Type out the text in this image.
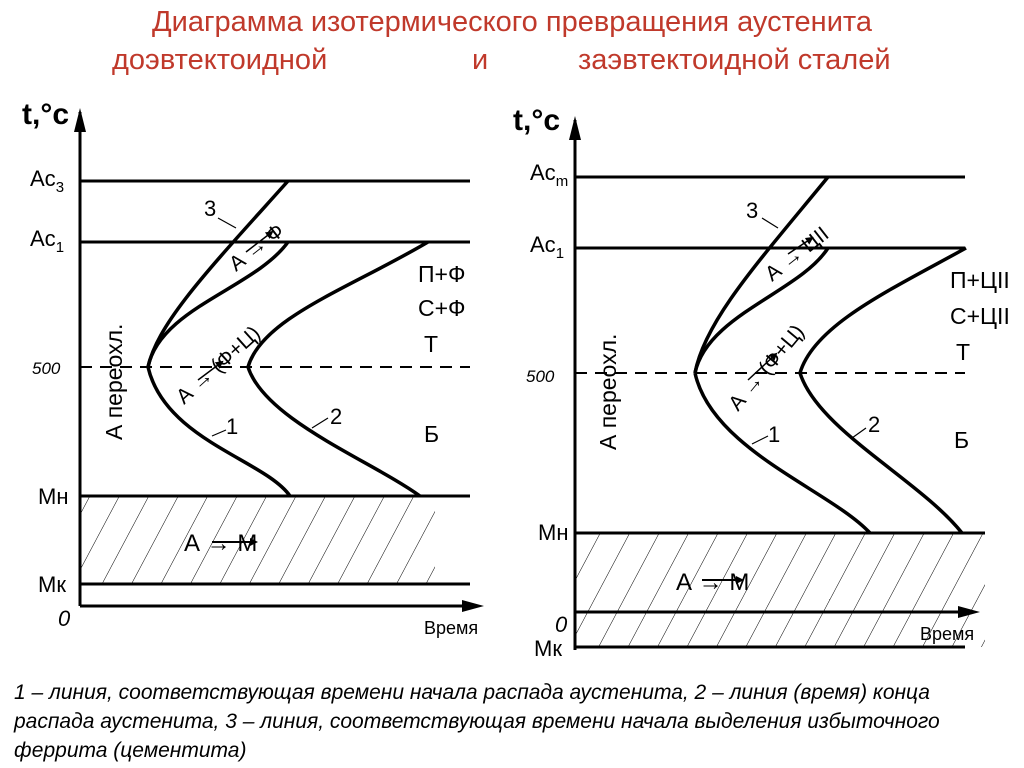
Диаграмма изотермического превращения аустенита
доэвтектоидной	и	заэвтектоидной сталей
t,°c
Время
0
$Ac_3$
$Ac_1$
500
Мн
Мк
3
1	2
А переохл.
А → Ф
А → (Ф+Ц)
П+Ф
С+Ф
Т
Б
А → М
t,°c
Время
0
$Ac_m$
$Ac_1$
500
Мн
Мк
3
1	2
А переохл.
А → ЦII
А → (Ф+Ц)
П+ЦII
С+ЦII
Т
Б
А → М
1 – линия, соответствующая времени начала распада аустенита, 2 – линия (время) конца распада аустенита, 3 – линия, соответствующая времени начала выделения избыточного феррита (цементита)
